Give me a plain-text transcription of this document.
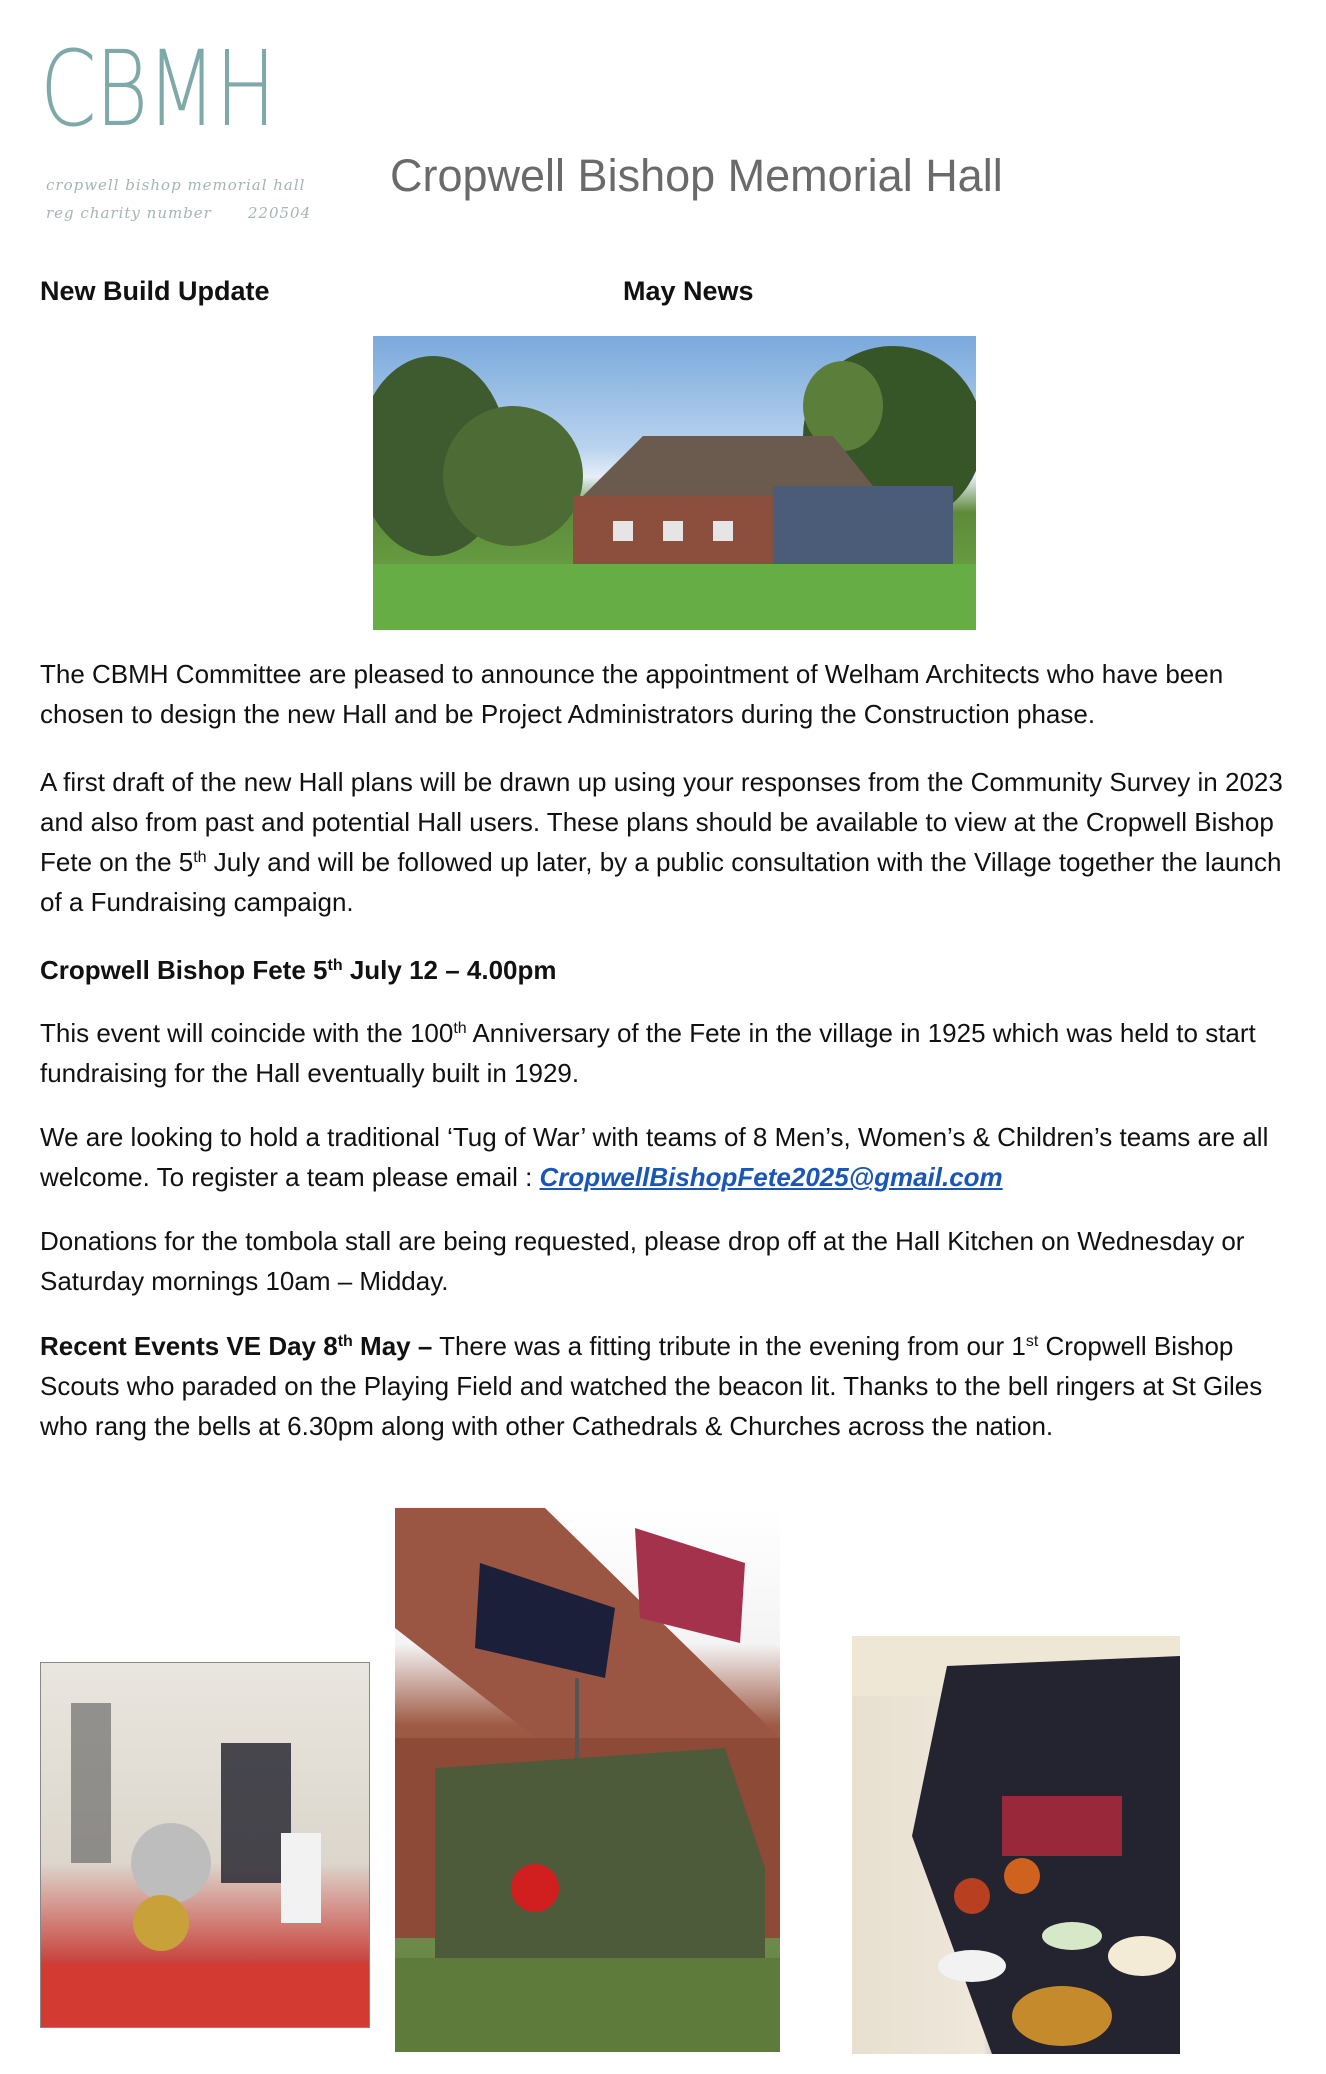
CBMH
cropwell bishop memorial hall
reg charity number 220504
Cropwell Bishop Memorial Hall
New Build Update	May News

The CBMH Committee are pleased to announce the appointment of Welham Architects who have been chosen to design the new Hall and be Project Administrators during the Construction phase.

A first draft of the new Hall plans will be drawn up using your responses from the Community Survey in 2023 and also from past and potential Hall users. These plans should be available to view at the Cropwell Bishop Fete on the 5th July and will be followed up later, by a public consultation with the Village together the launch of a Fundraising campaign.

Cropwell Bishop Fete 5th July 12 – 4.00pm

This event will coincide with the 100th Anniversary of the Fete in the village in 1925 which was held to start fundraising for the Hall eventually built in 1929.

We are looking to hold a traditional ‘Tug of War’ with teams of 8 Men’s, Women’s & Children’s teams are all welcome. To register a team please email : CropwellBishopFete2025@gmail.com

Donations for the tombola stall are being requested, please drop off at the Hall Kitchen on Wednesday or Saturday mornings 10am – Midday.

Recent Events VE Day 8th May – There was a fitting tribute in the evening from our 1st Cropwell Bishop Scouts who paraded on the Playing Field and watched the beacon lit. Thanks to the bell ringers at St Giles who rang the bells at 6.30pm along with other Cathedrals & Churches across the nation.
